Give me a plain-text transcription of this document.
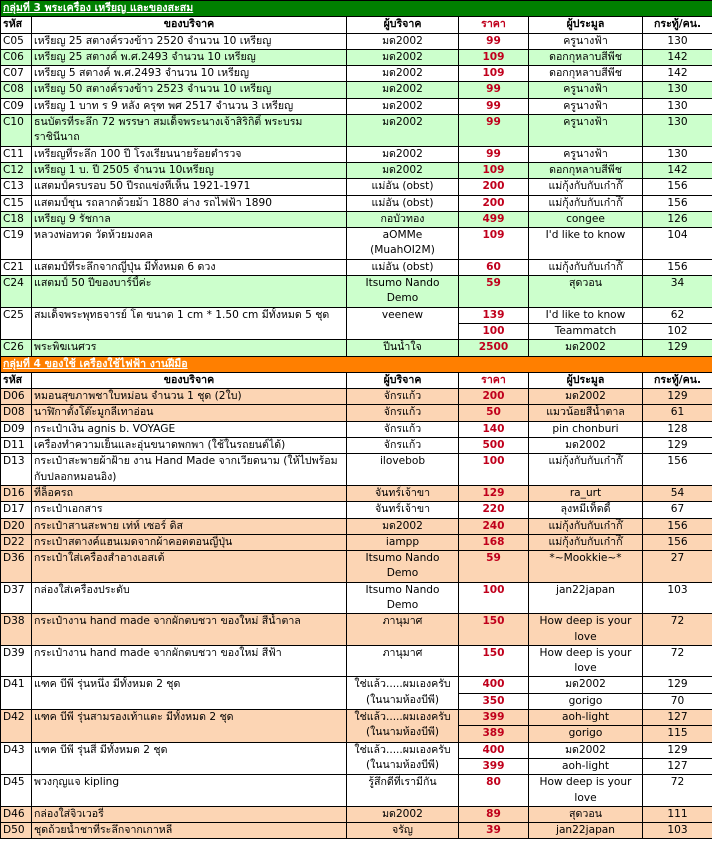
กลุ่มที่ 3 พระเครื่อง เหรียญ และของสะสม					
รหัส	ของบริจาค	ผู้บริจาค	ราคา	ผู้ประมูล	กระทู้/คน.
C05	เหรียญ 25 สตางค์รวงข้าว 2520 จำนวน 10 เหรียญ	มด2002	99	ครูนางฟ้า	130
C06	เหรียญ 25 สตางค์ พ.ศ.2493 จำนวน 10 เหรียญ	มด2002	109	ดอกกุหลาบสีพีช	142
C07	เหรียญ 5 สตางค์ พ.ศ.2493 จำนวน 10 เหรียญ	มด2002	109	ดอกกุหลาบสีพีช	142
C08	เหรียญ 50 สตางค์รวงข้าว 2523 จำนวน 10 เหรียญ	มด2002	99	ครูนางฟ้า	130
C09	เหรียญ 1 บาท ร 9 หลัง ครุฑ พศ 2517 จำนวน 3 เหรียญ	มด2002	99	ครูนางฟ้า	130
C10	ธนบัตรที่ระลึก 72 พรรษา สมเด็จพระนางเจ้าสิริกิติ์ พระบรมราชินีนาถ	มด2002	99	ครูนางฟ้า	130
C11	เหรียญที่ระลึก 100 ปี โรงเรียนนายร้อยตำรวจ	มด2002	99	ครูนางฟ้า	130
C12	เหรียญ 1 บ. ปี 2505 จำนวน 10เหรียญ	มด2002	109	ดอกกุหลาบสีพีช	142
C13	แสตมป์ครบรอบ 50 ปีรถแข่งที่เห็น 1921-1971	แม่อัน (obst)	200	แม่กุ้งกับกับเก๋าก๊ี้	156
C15	แสตมป์ชุน รถลากด้วยม้า 1880 ล่าง รถไฟฟ้า 1890	แม่อัน (obst)	200	แม่กุ้งกับกับเก๋าก๊ี้	156
C18	เหรียญ 9 รัชกาล	กอบัวทอง	499	congee	126
C19	หลวงพ่อทวด วัดห้วยมงคล	aOMMe (MuahOI2M)	109	I'd like to know	104
C21	แสตมป์ที่ระลึกจากญี่ปุ่น มีทั้งหมด 6 ดวง	แม่อัน (obst)	60	แม่กุ้งกับกับเก๋าก๊ี้	156
C24	แสตมป์ 50 ปีของบาร์บี้ค่ะ	Itsumo Nando Demo	59	สุดวอน	34
C25	สมเด็จพระพุทธจารย์ โต ขนาด 1 cm * 1.50 cm มีทั้งหมด 5 ชุด	veenew	139	I'd like to know	62
			100	Teammatch	102
C26	พระพิฆเนศวร	ปีนน้ำใจ	2500	มด2002	129
กลุ่มที่ 4 ของใช้ เครื่องใช้ไฟฟ้า งานฝีมือ					
รหัส	ของบริจาค	ผู้บริจาค	ราคา	ผู้ประมูล	กระทู้/คน.
D06	หมอนสุขภาพชาใบหม่อน จำนวน 1 ชุด (2ใบ)	จักรแก้ว	200	มด2002	129
D08	นาฬิกาตั้งโต๊ะมูกลีเทาอ่อน	จักรแก้ว	50	แมวน้อยสีน้ำตาล	61
D09	กระเป๋าเงิน agnis b. VOYAGE	จักรแก้ว	140	pin chonburi	128
D11	เครื่องทำความเย็นและอุ่นขนาดพกพา (ใช้ในรถยนต์ได้)	จักรแก้ว	500	มด2002	129
D13	กระเป๋าสะพายผ้าฝ้าย งาน Hand Made จากเวียดนาม (ให้ไปพร้อมกับปลอกหมอนอิง)	ilovebob	100	แม่กุ้งกับกับเก๋าก๊ี้	156
D16	ที่ล็อครถ	จันทร์เจ้าขา	129	ra_urt	54
D17	กระเป๋าเอกสาร	จันทร์เจ้าขา	220	ลุงหมีเท็ดดี้	67
D20	กระเป๋าสานสะพาย เท่ห์ เซอร์ ดิส	มด2002	240	แม่กุ้งกับกับเก๋าก๊ี้	156
D22	กระเป๋าสตางค์แฮนเมดจากผ้าคอตตอนญี่ปุ่น	iampp	168	แม่กุ้งกับกับเก๋าก๊ี้	156
D36	กระเป๋าใส่เครื่องสำอางเอสเต้	Itsumo Nando Demo	59	*~Mookkie~*	27
D37	กล่องใส่เครื่องประดับ	Itsumo Nando Demo	100	jan22japan	103
D38	กระเป๋างาน hand made จากผักตบชวา ของใหม่ สีน้ำตาล	ภานุมาศ	150	How deep is your love	72
D39	กระเป๋างาน hand made จากผักตบชวา ของใหม่ สีฟ้า	ภานุมาศ	150	How deep is your love	72
D41	แฑค บีพี รุ่นหนึ่ง มีทั้งหมด 2 ชุด	ใช่แล้ว.....ผมเองครับ (ในนามห้องบีพี)	400	มด2002	129
			350	gorigo	70
D42	แฑค บีพี รุ่นสามรองเท้าแตะ มีทั้งหมด 2 ชุด	ใช่แล้ว.....ผมเองครับ (ในนามห้องบีพี)	399	aoh-light	127
			389	gorigo	115
D43	แฑค บีพี รุ่นสี่ มีทั้งหมด 2 ชุด	ใช่แล้ว.....ผมเองครับ (ในนามห้องบีพี)	400	มด2002	129
			399	aoh-light	127
D45	พวงกุญแจ kipling	รู้สึกดีที่เรามีกัน	80	How deep is your love	72
D46	กล่องใส่จิวเวอรี่	มด2002	89	สุดวอน	111
D50	ชุดถ้วยน้ำชาที่ระลึกจากเกาหลี	จรัญ	39	jan22japan	103
